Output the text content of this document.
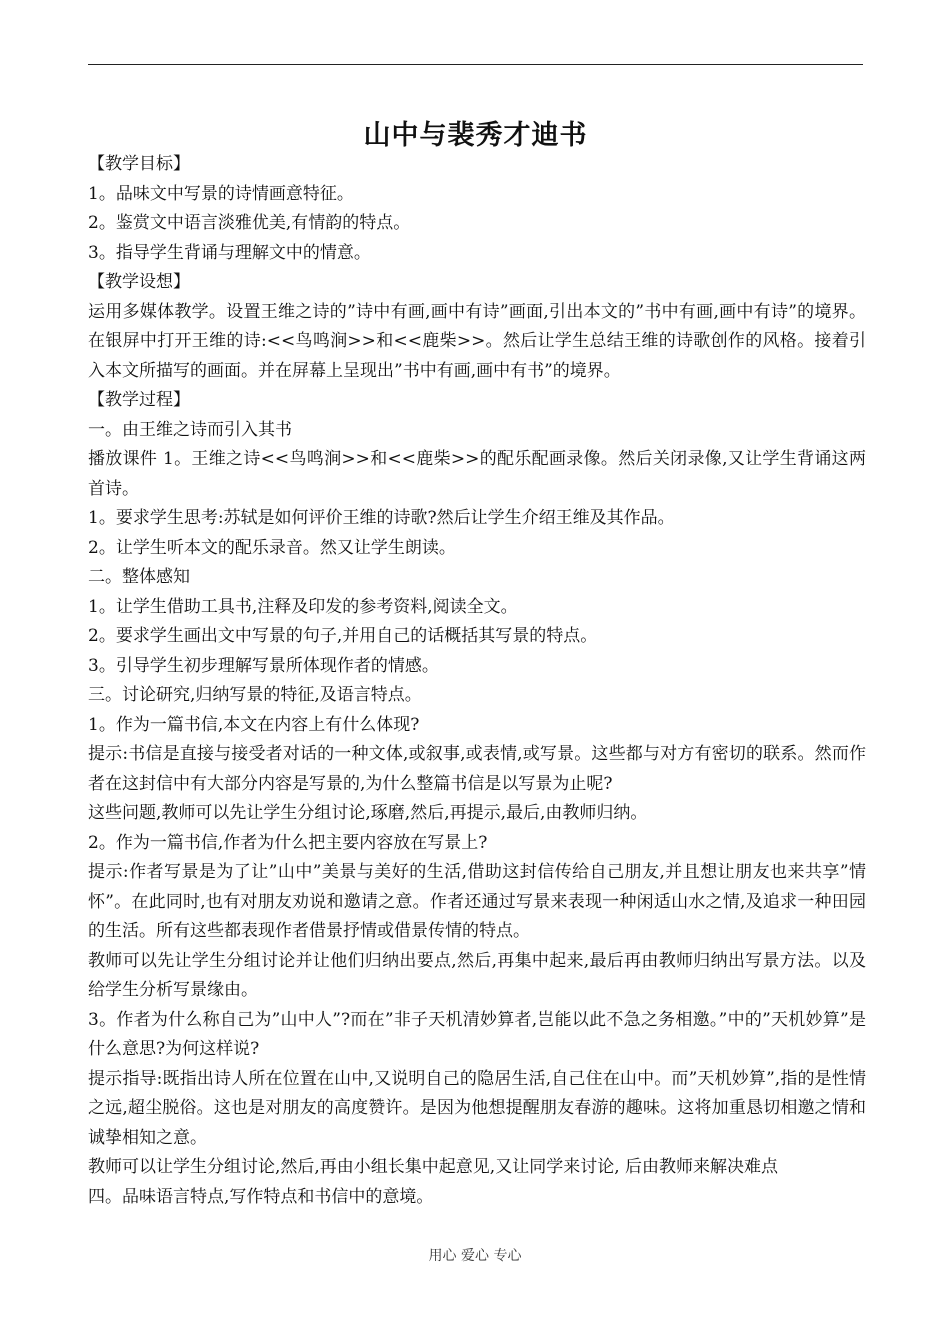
山中与裴秀才迪书

【教学目标】

1。品味文中写景的诗情画意特征。

2。鉴赏文中语言淡雅优美,有情韵的特点。

3。指导学生背诵与理解文中的情意。

【教学设想】

运用多媒体教学。设置王维之诗的”诗中有画,画中有诗”画面,引出本文的”书中有画,画中有诗”的境界。在银屏中打开王维的诗:<<鸟鸣涧>>和<<鹿柴>>。然后让学生总结王维的诗歌创作的风格。接着引入本文所描写的画面。并在屏幕上呈现出”书中有画,画中有书”的境界。

【教学过程】

一。由王维之诗而引入其书

播放课件 1。王维之诗<<鸟鸣涧>>和<<鹿柴>>的配乐配画录像。然后关闭录像,又让学生背诵这两首诗。

1。要求学生思考:苏轼是如何评价王维的诗歌?然后让学生介绍王维及其作品。

2。让学生听本文的配乐录音。然又让学生朗读。

二。整体感知

1。让学生借助工具书,注释及印发的参考资料,阅读全文。

2。要求学生画出文中写景的句子,并用自己的话概括其写景的特点。

3。引导学生初步理解写景所体现作者的情感。

三。讨论研究,归纳写景的特征,及语言特点。

1。作为一篇书信,本文在内容上有什么体现?

提示:书信是直接与接受者对话的一种文体,或叙事,或表情,或写景。这些都与对方有密切的联系。然而作者在这封信中有大部分内容是写景的,为什么整篇书信是以写景为止呢?

这些问题,教师可以先让学生分组讨论,琢磨,然后,再提示,最后,由教师归纳。

2。作为一篇书信,作者为什么把主要内容放在写景上?

提示:作者写景是为了让”山中”美景与美好的生活,借助这封信传给自己朋友,并且想让朋友也来共享”情怀”。在此同时,也有对朋友劝说和邀请之意。作者还通过写景来表现一种闲适山水之情,及追求一种田园的生活。所有这些都表现作者借景抒情或借景传情的特点。

教师可以先让学生分组讨论并让他们归纳出要点,然后,再集中起来,最后再由教师归纳出写景方法。以及给学生分析写景缘由。

3。作者为什么称自己为”山中人”?而在”非子天机清妙算者,岂能以此不急之务相邀。”中的”天机妙算”是什么意思?为何这样说?

提示指导:既指出诗人所在位置在山中,又说明自己的隐居生活,自己住在山中。而”天机妙算”,指的是性情之远,超尘脱俗。这也是对朋友的高度赞许。是因为他想提醒朋友春游的趣味。这将加重恳切相邀之情和诚挚相知之意。

教师可以让学生分组讨论,然后,再由小组长集中起意见,又让同学来讨论, 后由教师来解决难点

四。品味语言特点,写作特点和书信中的意境。

用心 爱心 专心
